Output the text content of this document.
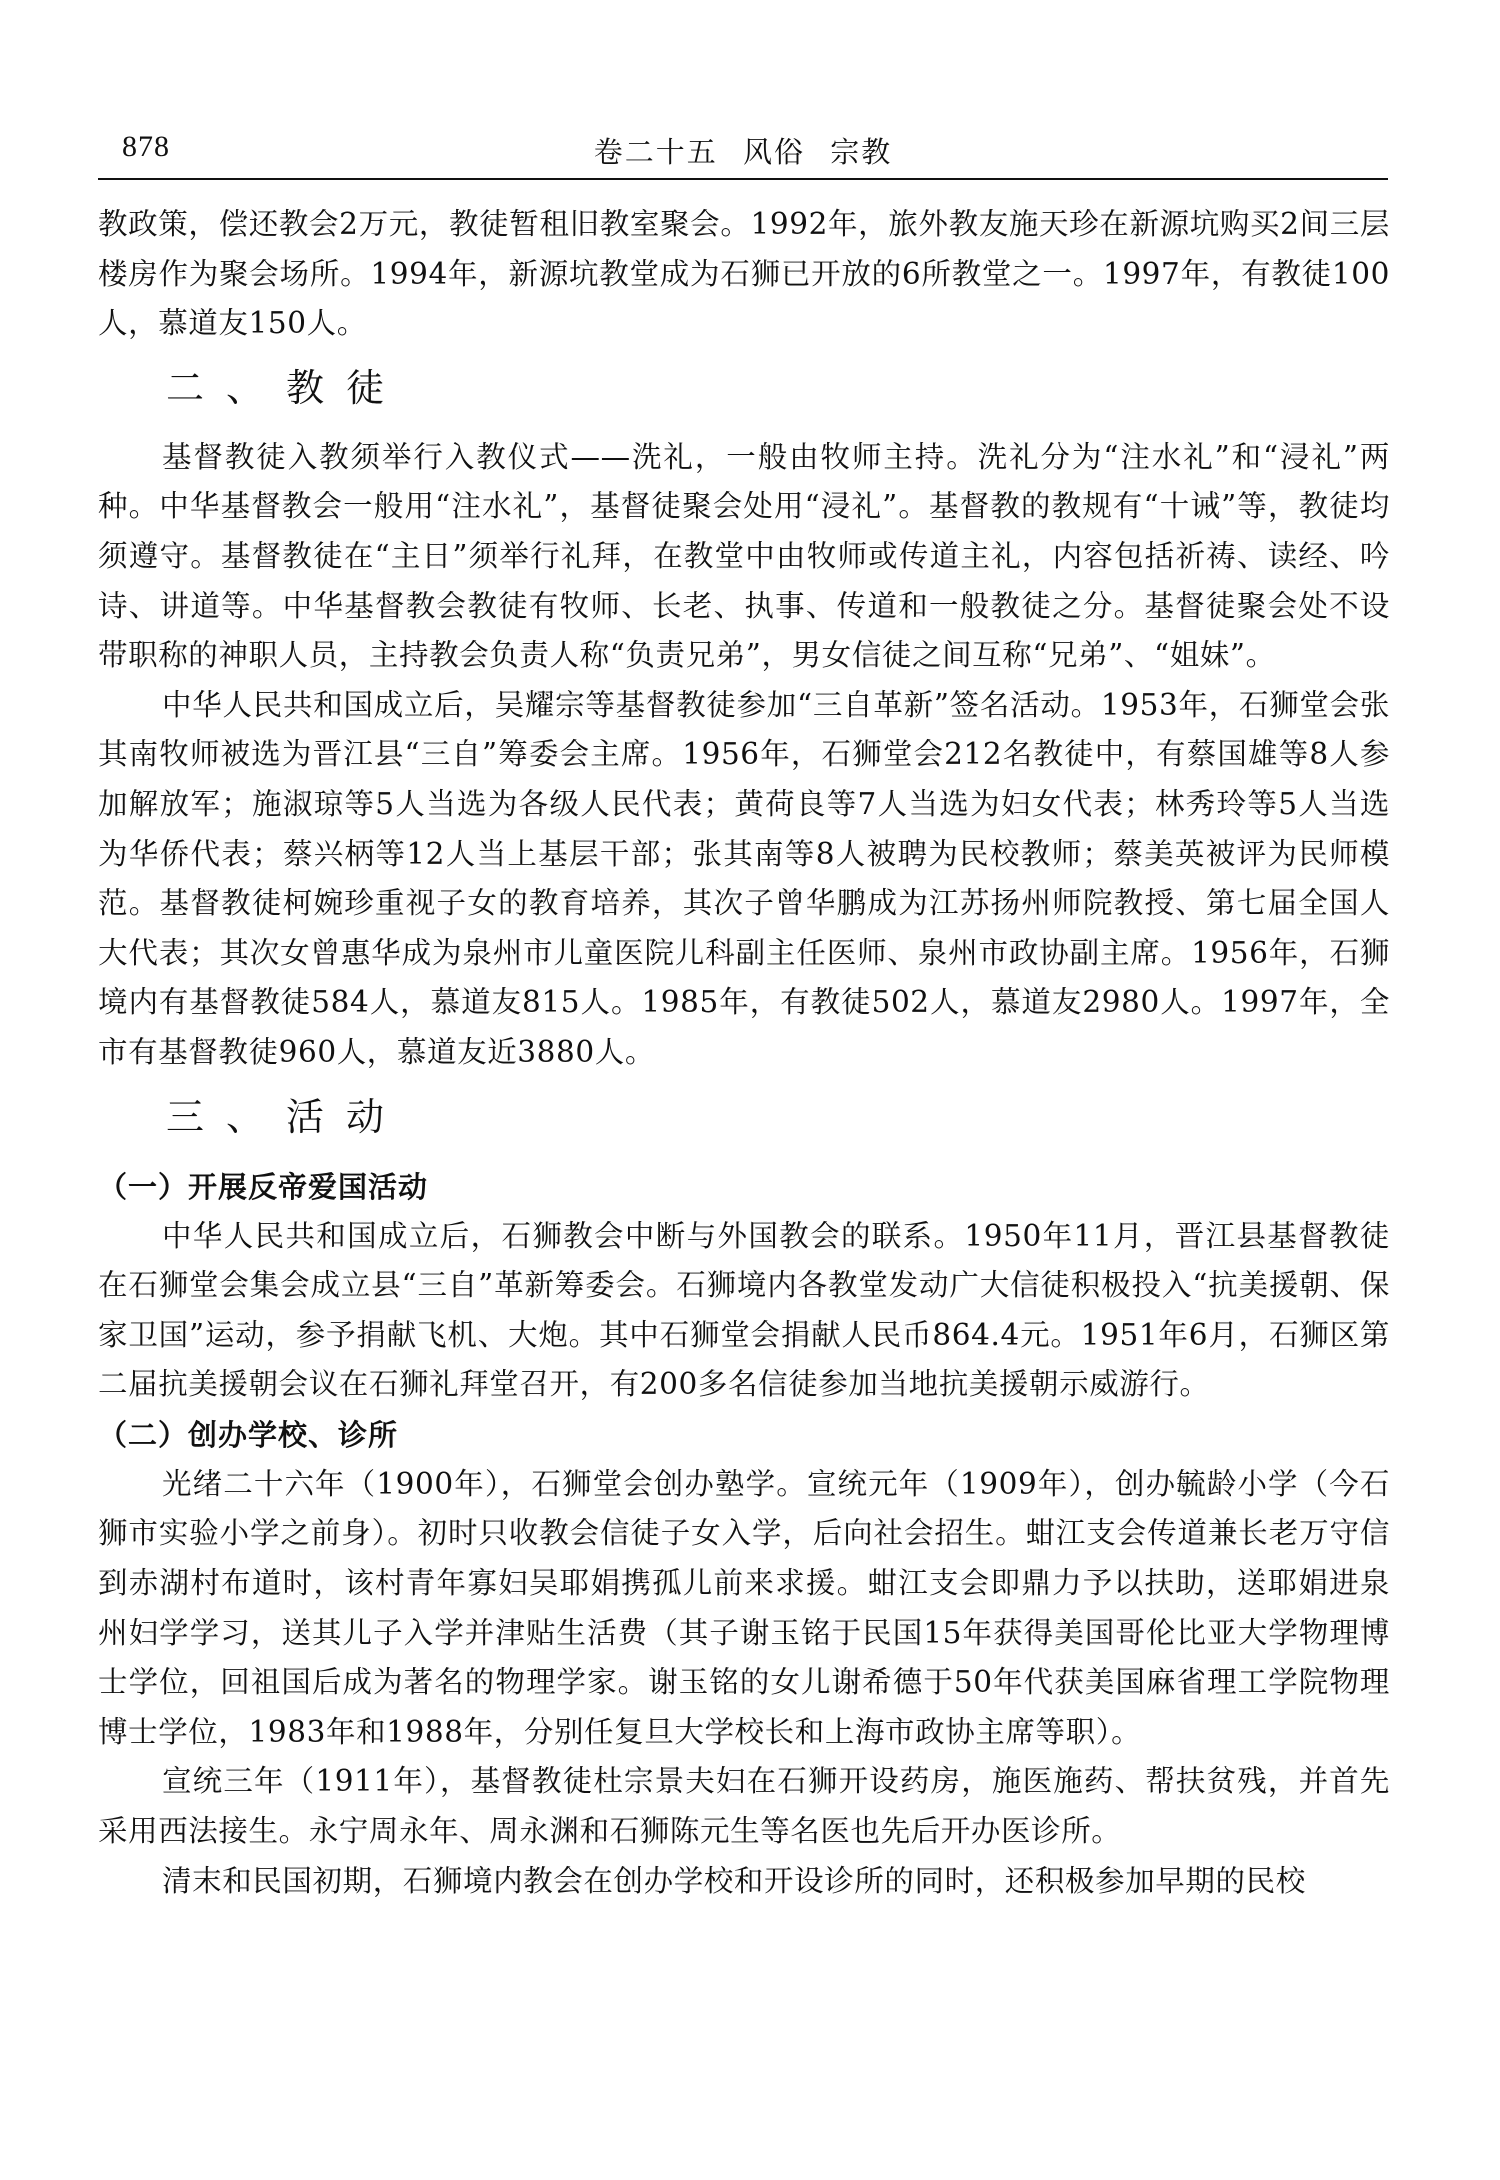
878	卷二十五 风俗 宗教

教政策，偿还教会2万元，教徒暂租旧教室聚会。1992年，旅外教友施天珍在新源坑购买2间三层楼房作为聚会场所。1994年，新源坑教堂成为石狮已开放的6所教堂之一。1997年，有教徒100人，慕道友150人。

二、教徒

基督教徒入教须举行入教仪式——洗礼，一般由牧师主持。洗礼分为“注水礼”和“浸礼”两种。中华基督教会一般用“注水礼”，基督徒聚会处用“浸礼”。基督教的教规有“十诫”等，教徒均须遵守。基督教徒在“主日”须举行礼拜，在教堂中由牧师或传道主礼，内容包括祈祷、读经、吟诗、讲道等。中华基督教会教徒有牧师、长老、执事、传道和一般教徒之分。基督徒聚会处不设带职称的神职人员，主持教会负责人称“负责兄弟”，男女信徒之间互称“兄弟”、“姐妹”。

中华人民共和国成立后，吴耀宗等基督教徒参加“三自革新”签名活动。1953年，石狮堂会张其南牧师被选为晋江县“三自”筹委会主席。1956年，石狮堂会212名教徒中，有蔡国雄等8人参加解放军；施淑琼等5人当选为各级人民代表；黄荷良等7人当选为妇女代表；林秀玲等5人当选为华侨代表；蔡兴柄等12人当上基层干部；张其南等8人被聘为民校教师；蔡美英被评为民师模范。基督教徒柯婉珍重视子女的教育培养，其次子曾华鹏成为江苏扬州师院教授、第七届全国人大代表；其次女曾惠华成为泉州市儿童医院儿科副主任医师、泉州市政协副主席。1956年，石狮境内有基督教徒584人，慕道友815人。1985年，有教徒502人，慕道友2980人。1997年，全市有基督教徒960人，慕道友近3880人。

三、活动
（一）开展反帝爱国活动

中华人民共和国成立后，石狮教会中断与外国教会的联系。1950年11月，晋江县基督教徒在石狮堂会集会成立县“三自”革新筹委会。石狮境内各教堂发动广大信徒积极投入“抗美援朝、保家卫国”运动，参予捐献飞机、大炮。其中石狮堂会捐献人民币864.4元。1951年6月，石狮区第二届抗美援朝会议在石狮礼拜堂召开，有200多名信徒参加当地抗美援朝示威游行。

（二）创办学校、诊所

光绪二十六年（1900年），石狮堂会创办塾学。宣统元年（1909年），创办毓龄小学（今石狮市实验小学之前身）。初时只收教会信徒子女入学，后向社会招生。蚶江支会传道兼长老万守信到赤湖村布道时，该村青年寡妇吴耶娟携孤儿前来求援。蚶江支会即鼎力予以扶助，送耶娟进泉州妇学学习，送其儿子入学并津贴生活费（其子谢玉铭于民国15年获得美国哥伦比亚大学物理博士学位，回祖国后成为著名的物理学家。谢玉铭的女儿谢希德于50年代获美国麻省理工学院物理博士学位，1983年和1988年，分别任复旦大学校长和上海市政协主席等职）。

宣统三年（1911年），基督教徒杜宗景夫妇在石狮开设药房，施医施药、帮扶贫残，并首先采用西法接生。永宁周永年、周永渊和石狮陈元生等名医也先后开办医诊所。

清末和民国初期，石狮境内教会在创办学校和开设诊所的同时，还积极参加早期的民校
